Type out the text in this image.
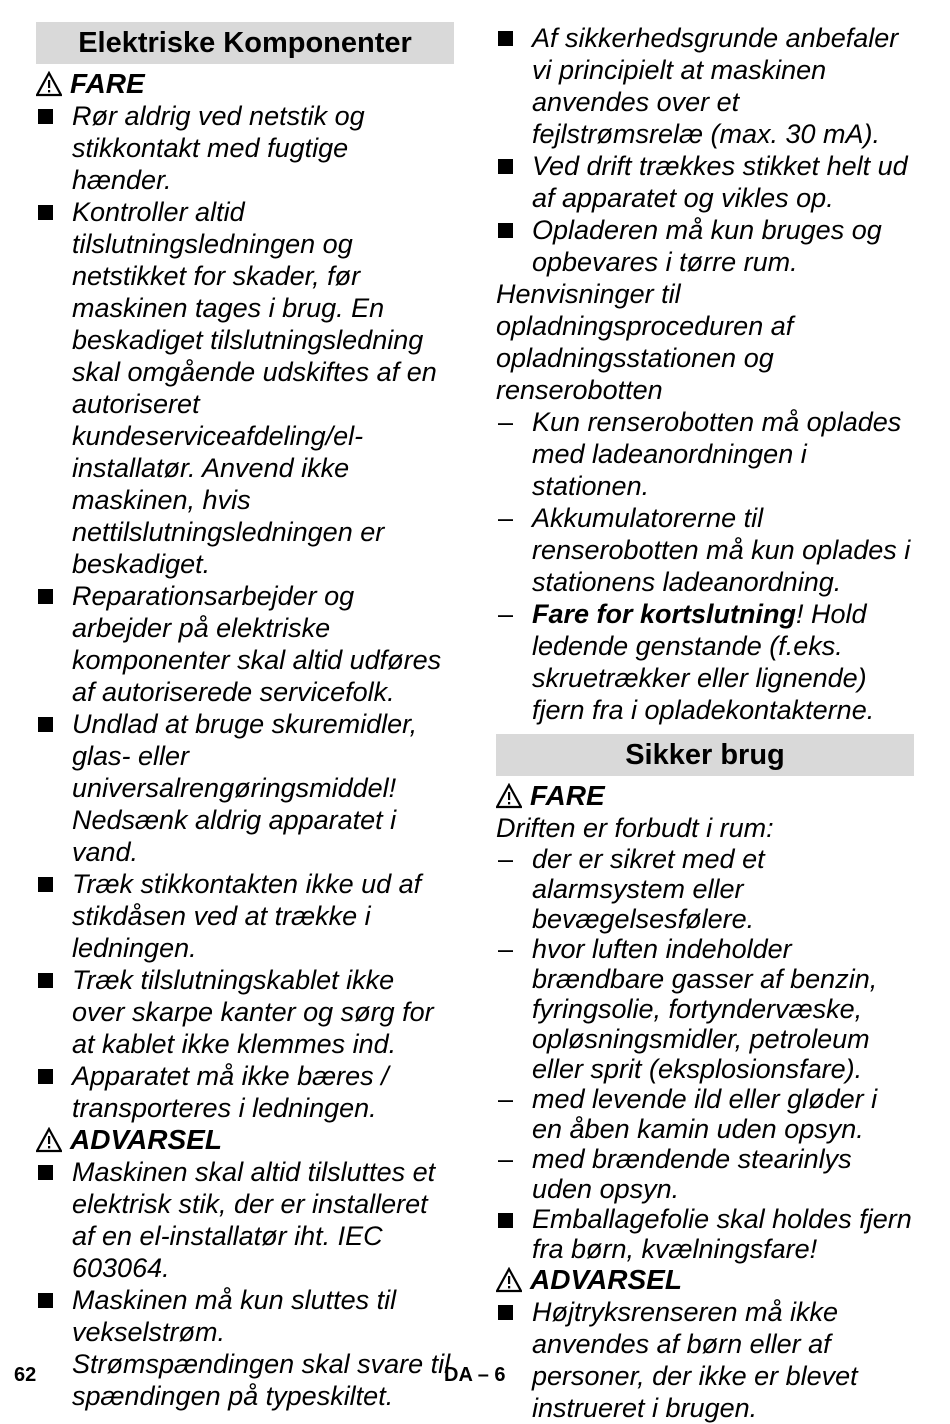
Elektriske Komponenter
FARE
Rør aldrig ved netstik og stikkontakt med fugtige hænder.
Kontroller altid tilslutningsledningen og netstikket for skader, før maskinen tages i brug. En beskadiget tilslutningsledning skal omgående udskiftes af en autoriseret kundeserviceafdeling/el-installatør. Anvend ikke maskinen, hvis nettilslutningsledningen er beskadiget.
Reparationsarbejder og arbejder på elektriske komponenter skal altid udføres af autoriserede servicefolk.
Undlad at bruge skuremidler, glas- eller universalrengøringsmiddel! Nedsænk aldrig apparatet i vand.
Træk stikkontakten ikke ud af stikdåsen ved at trække i ledningen.
Træk tilslutningskablet ikke over skarpe kanter og sørg for at kablet ikke klemmes ind.
Apparatet må ikke bæres / transporteres i ledningen.
ADVARSEL
Maskinen skal altid tilsluttes et elektrisk stik, der er installeret af en el-installatør iht. IEC 603064.
Maskinen må kun sluttes til vekselstrøm. Strømspændingen skal svare til spændingen på typeskiltet.
Af sikkerhedsgrunde anbefaler vi principielt at maskinen anvendes over et fejlstrømsrelæ (max. 30 mA).
Ved drift trækkes stikket helt ud af apparatet og vikles op.
Opladeren må kun bruges og opbevares i tørre rum.
Henvisninger til opladningsproceduren af opladningsstationen og renserobotten
– Kun renserobotten må oplades med ladeanordningen i stationen.
– Akkumulatorerne til renserobotten må kun oplades i stationens ladeanordning.
– Fare for kortslutning! Hold ledende genstande (f.eks. skruetrækker eller lignende) fjern fra i opladekontakterne.
Sikker brug
FARE
Driften er forbudt i rum:
– der er sikret med et alarmsystem eller bevægelsesfølere.
– hvor luften indeholder brændbare gasser af benzin, fyringsolie, fortyndervæske, opløsningsmidler, petroleum eller sprit (eksplosionsfare).
– med levende ild eller gløder i en åben kamin uden opsyn.
– med brændende stearinlys uden opsyn.
Emballagefolie skal holdes fjern fra børn, kvælningsfare!
ADVARSEL
Højtryksrenseren må ikke anvendes af børn eller af personer, der ikke er blevet instrueret i brugen.
62	DA – 6
